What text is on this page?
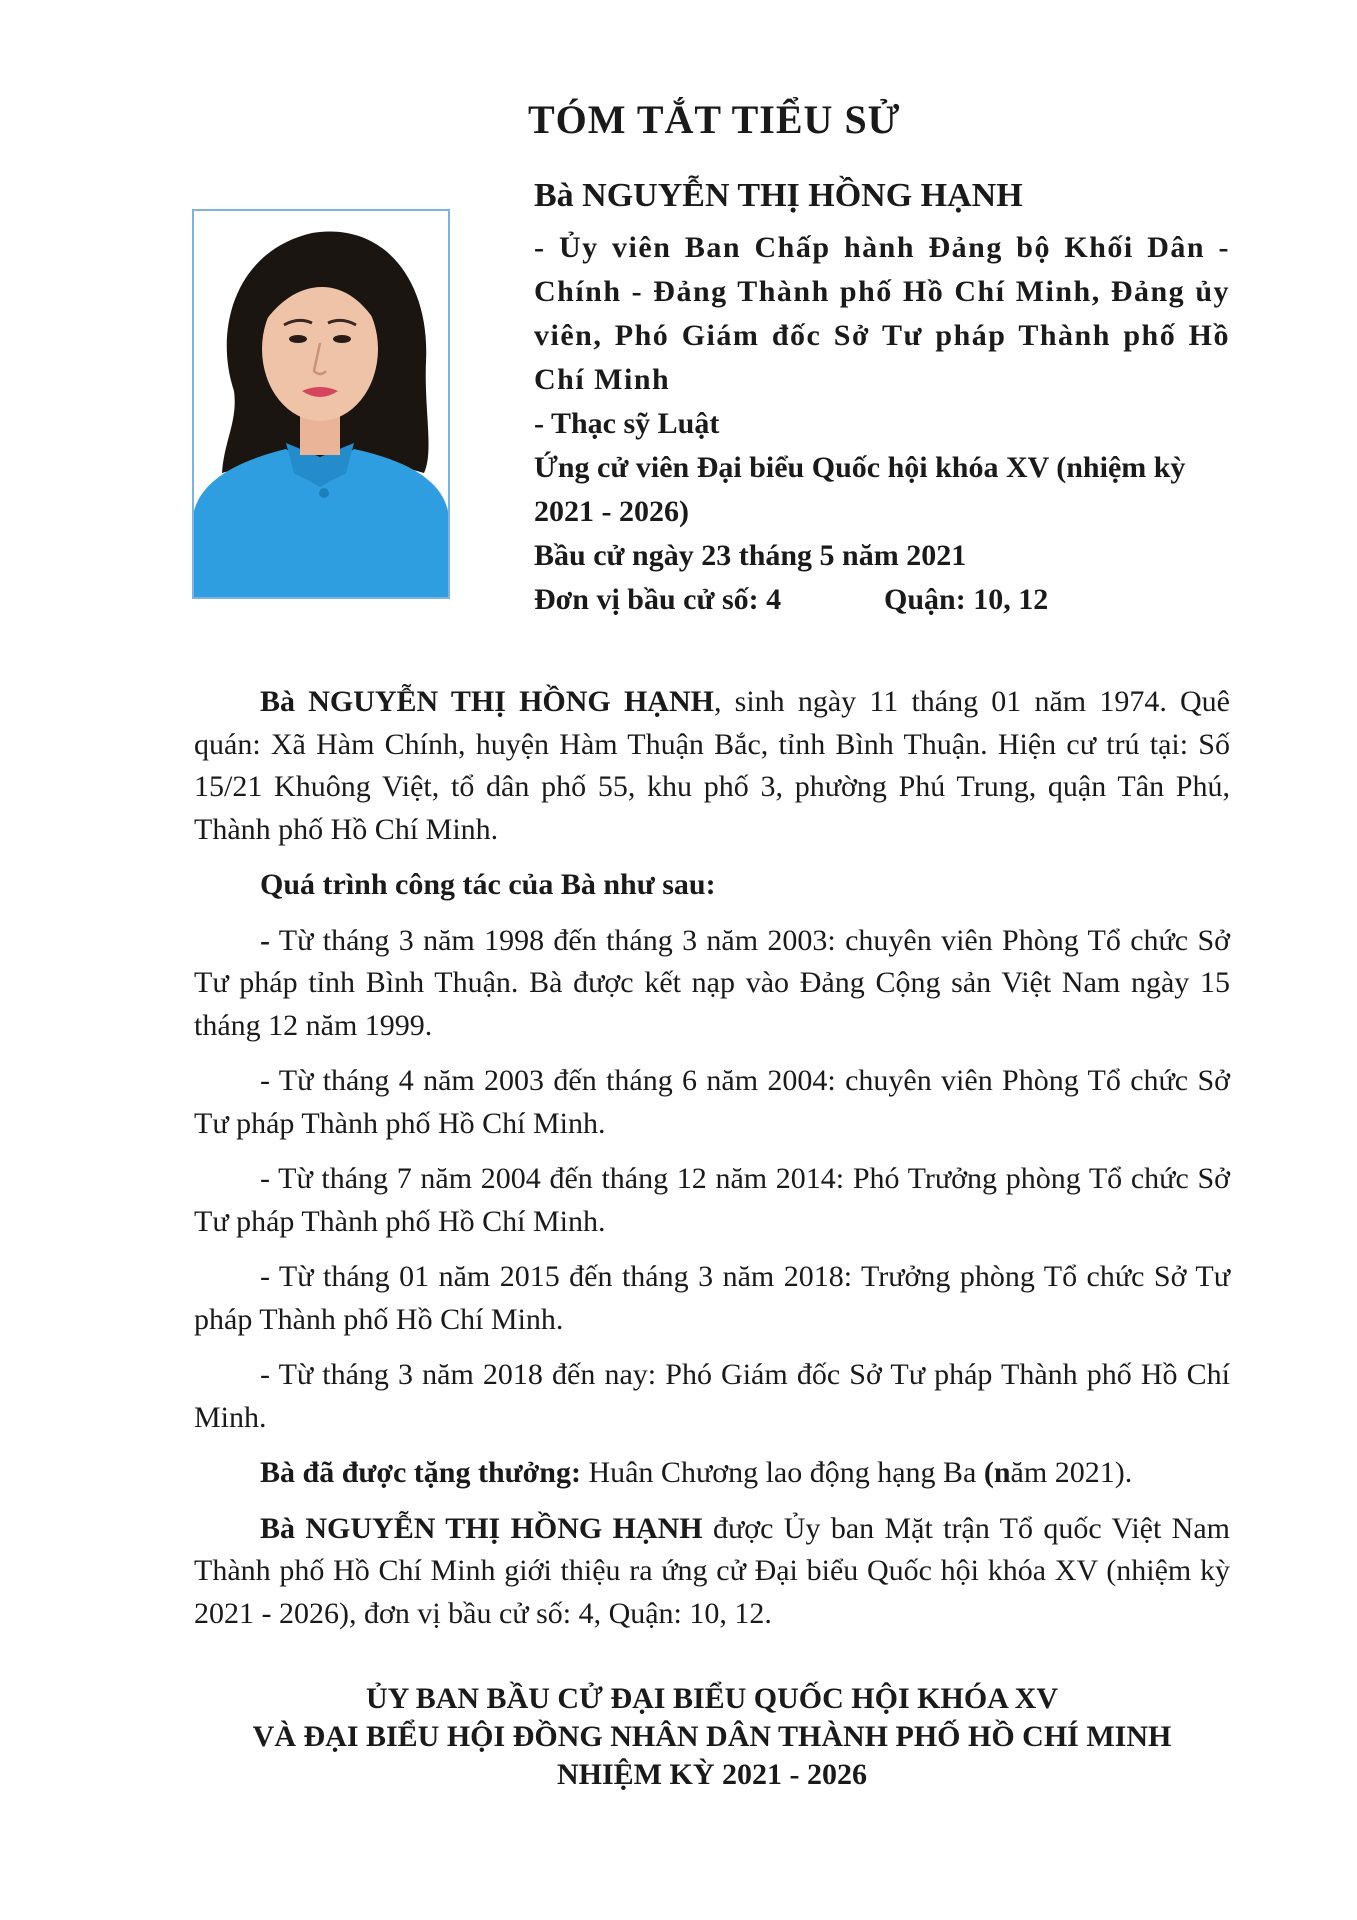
TÓM TẮT TIỂU SỬ
Bà NGUYỄN THỊ HỒNG HẠNH
- Ủy viên Ban Chấp hành Đảng bộ Khối Dân - Chính - Đảng Thành phố Hồ Chí Minh, Đảng ủy viên, Phó Giám đốc Sở Tư pháp Thành phố Hồ Chí Minh
- Thạc sỹ Luật
Ứng cử viên Đại biểu Quốc hội khóa XV (nhiệm kỳ 2021 - 2026)
Bầu cử ngày 23 tháng 5 năm 2021
Đơn vị bầu cử số: 4	Quận: 10, 12

Bà NGUYỄN THỊ HỒNG HẠNH, sinh ngày 11 tháng 01 năm 1974. Quê quán: Xã Hàm Chính, huyện Hàm Thuận Bắc, tỉnh Bình Thuận. Hiện cư trú tại: Số 15/21 Khuông Việt, tổ dân phố 55, khu phố 3, phường Phú Trung, quận Tân Phú, Thành phố Hồ Chí Minh.

Quá trình công tác của Bà như sau:

- Từ tháng 3 năm 1998 đến tháng 3 năm 2003: chuyên viên Phòng Tổ chức Sở Tư pháp tỉnh Bình Thuận. Bà được kết nạp vào Đảng Cộng sản Việt Nam ngày 15 tháng 12 năm 1999.

- Từ tháng 4 năm 2003 đến tháng 6 năm 2004: chuyên viên Phòng Tổ chức Sở Tư pháp Thành phố Hồ Chí Minh.

- Từ tháng 7 năm 2004 đến tháng 12 năm 2014: Phó Trưởng phòng Tổ chức Sở Tư pháp Thành phố Hồ Chí Minh.

- Từ tháng 01 năm 2015 đến tháng 3 năm 2018: Trưởng phòng Tổ chức Sở Tư pháp Thành phố Hồ Chí Minh.

- Từ tháng 3 năm 2018 đến nay: Phó Giám đốc Sở Tư pháp Thành phố Hồ Chí Minh.

Bà đã được tặng thưởng: Huân Chương lao động hạng Ba (năm 2021).

Bà NGUYỄN THỊ HỒNG HẠNH được Ủy ban Mặt trận Tổ quốc Việt Nam Thành phố Hồ Chí Minh giới thiệu ra ứng cử Đại biểu Quốc hội khóa XV (nhiệm kỳ 2021 - 2026), đơn vị bầu cử số: 4, Quận: 10, 12.

ỦY BAN BẦU CỬ ĐẠI BIỂU QUỐC HỘI KHÓA XV
VÀ ĐẠI BIỂU HỘI ĐỒNG NHÂN DÂN THÀNH PHỐ HỒ CHÍ MINH
NHIỆM KỲ 2021 - 2026
